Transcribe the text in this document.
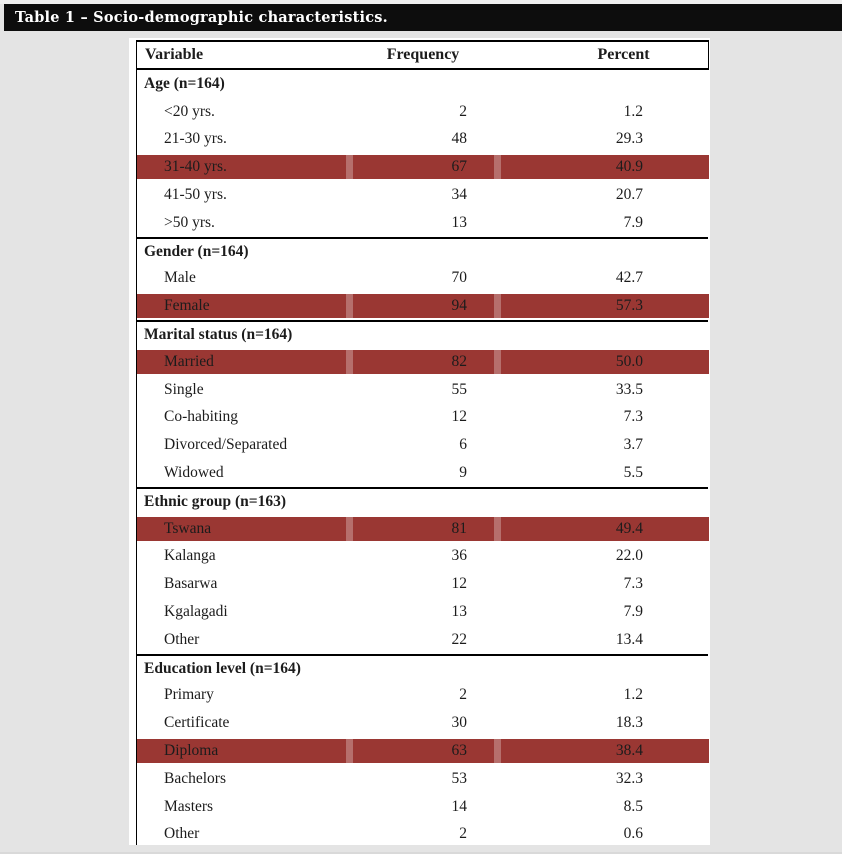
Table 1 – Socio-demographic characteristics.
Variable	Frequency	Percent
Age (n=164)
<20 yrs.	2	1.2
21-30 yrs.	48	29.3
31-40 yrs.	67	40.9
41-50 yrs.	34	20.7
>50 yrs.	13	7.9
Gender (n=164)
Male	70	42.7
Female	94	57.3
Marital status (n=164)
Married	82	50.0
Single	55	33.5
Co-habiting	12	7.3
Divorced/Separated	6	3.7
Widowed	9	5.5
Ethnic group (n=163)
Tswana	81	49.4
Kalanga	36	22.0
Basarwa	12	7.3
Kgalagadi	13	7.9
Other	22	13.4
Education level (n=164)
Primary	2	1.2
Certificate	30	18.3
Diploma	63	38.4
Bachelors	53	32.3
Masters	14	8.5
Other	2	0.6
